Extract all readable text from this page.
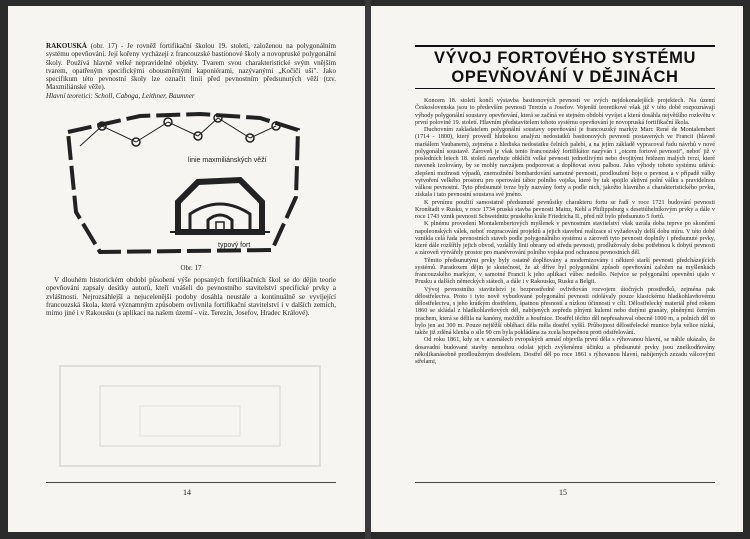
RAKOUSKÁ (obr. 17) - Je rovněž fortifikační školou 19. století, založenou na polygonálním systému opevňování. Její kořeny vycházejí z francouzské bastionové školy a novopruské polygonální školy. Používá hlavně velké nepravidelné objekty. Tvarem svou charakteristické svým vnějším tvarem, opatřeným specifickými obousměrnými kaponiérami, nazývanými „Kočičí uši". Jako specifikum této pevnostní školy lze označit linii před pevnostním předsunutých věží (tzv. Maxmiliánské věže).

Hlavní teoretici: Scholl, Caboga, Leithner, Baumner

linie maxmiliánských věží
typový fort
Obr. 17

V dlouhém historickém období působení výše popsaných fortifikačních škol se do dějin teorie opevňování zapsaly desítky autorů, kteří vnášeli do pevnostního stavitelství specifické prvky a zvláštnosti. Nejrozsáhlejší a nejucelenější podoby dosáhla neustále a kontinuálně se vyvíjející francouzská škola, která významným způsobem ovlivnila fortifikační stavitelství i v dalších zemích, mimo jiné i v Rakousku (s aplikací na našem území - viz. Terezín, Josefov, Hradec Králové).

14
VÝVOJ FORTOVÉHO SYSTÉMU
OPEVŇOVÁNÍ V DĚJINÁCH

Koncem 18. století končí výstavba bastionových pevností ve svých nejdokonalejších projektech. Na území Československa jsou to především pevnosti Terezín a Josefov. Vojenští teoretikové však již v této době rozpoznávají výhody polygonální soustavy opevňování, která se začíná ve stejném období vyvíjet a která dosáhla největšího rozkvětu v první polovině 19. století. Hlavním představitelem tohoto systému opevňování je novopruská fortifikační škola.

Duchovním zakladatelem polygonální soustavy opevňování je francouzský markýz Marc René de Montalembert (1714 - 1800), který provedl hlubokou analýzu nedostatků bastionových pevností postavených ve Francii (hlavně maršálem Vaubanem), zejména z hlediska nedostatku čelních palebí, a na jejím základě vypracoval řadu návrhů v nové polygonální soustavě. Zároveň je však tento francouzský fortifikátor nazýván i „otcem fortové pevnosti", neboť již v posledních letech 18. století navrhuje obklíčit velké pevnosti jednotlivými nebo dvojitými řetězem malých tvrzí, které navenek izolovány, by se mohly navzájem podporovat a doplňovat svou palbou. Jako výhody tohoto systému udává: zlepšení možnosti výpadů, znemožnění bombardování samotné pevnosti, prodloužení boje o pevnost a v případě války vytvoření velkého prostoru pro operování tábor polního vojska, které by tak spojilo aktivní polní válku s pravidelnou válkou pevnostní. Tyto předsunuté tvrze byly nazvány forty a podle nich, jakožto hlavního a charakteristického prvku, získala i tato pevnostní soustava své jméno.

K prvnímu použití samostatně předsunuté pevnůstky charakteru fortu se řadí v roce 1721 budování pevnosti Kronštadt v Rusku, v roce 1734 pruská stavba pevnosti Mainz, Kehl a Philippsburg s desetiúhelníkovým prvky a dále v roce 1743 vznik pevnosti Schweidnitz pruského krále Friedricha II., před níž bylo předsunuto 5 fortů.

K plnému provedení Montalembertových myšlenek v pevnostním stavitelství však uzrála doba teprve po skončení napoleonských válek, neboť rozpracování projektů a jejich stavební realizace si vyžadovaly delší dobu míru. V této době vznikla celá řada pevnostních staveb podle polygonálního systému a zároveň tyto pevnosti doplnily i předsunuté prvky, které dále rozšířily jejich obvod, vzdálily linii obrany od středu pevnosti, prodlužovaly dobu potřebnou k dobytí pevnosti a zároveň vytvářely prostor pro manévrování polního vojska pod ochranou pevnostních děl.

Těmito předsunutými prvky byly ostatně doplňovány a modernizovány i některé starší pevnosti předcházejících systémů. Paradoxem dějin je skutečnost, že až dříve byl polygonální způsob opevňování založen na myšlenkách francouzského markýze, v samotné Francii k jeho aplikaci vůbec nedošlo. Nejvíce se polygonální opevnění ujalo v Prusku a dalších německých státech, a dále i v Rakousku, Rusku a Belgii.

Vývoj pevnostního stavitelství je bezprostředně ovlivňován rozvojem útočných prostředků, zejména pak dělostřelectva. Proto i tyto nově vybudované polygonální pevnosti odolávaly pouze klasickému hladkohlavňovému dělostřelectvu, s jeho krátkým dostřelem, špatnou přesností a nízkou účinností v cíli. Dělostřelecký materiál před rokem 1860 se skládal z hladkohlavňových děl, nabíjených zepředu plnými kulemi nebo dutými granáty, plněnými černým prachem, která se dělila na kanóny, moždíře a houfnice. Dostřel těchto děl nepřesahoval obecně 1000 m, a polních děl to bylo jen asi 300 m. Pouze nejtěžší obléhací děla měla dostřel vyšší. Průbojnost dělostřelecké munice byla velice nízká, takže již zděná klenba o síle 90 cm byla pokládána za zcela bezpečnou proti odstřelování.

Od roku 1861, kdy se v arzenálech evropských armád objevila první děla s rýhovanou hlavní, se náhle ukázalo, že dosavadní budované stavby nemohou odolat jejich zvýšenému účinku a předsunuté prvky jsou zneškodňovány několikanásobně prodlouženým dostřelem. Dostřel děl po roce 1861 s rýhovanou hlavní, nabíjených zezadu válcovými střelami,

15
